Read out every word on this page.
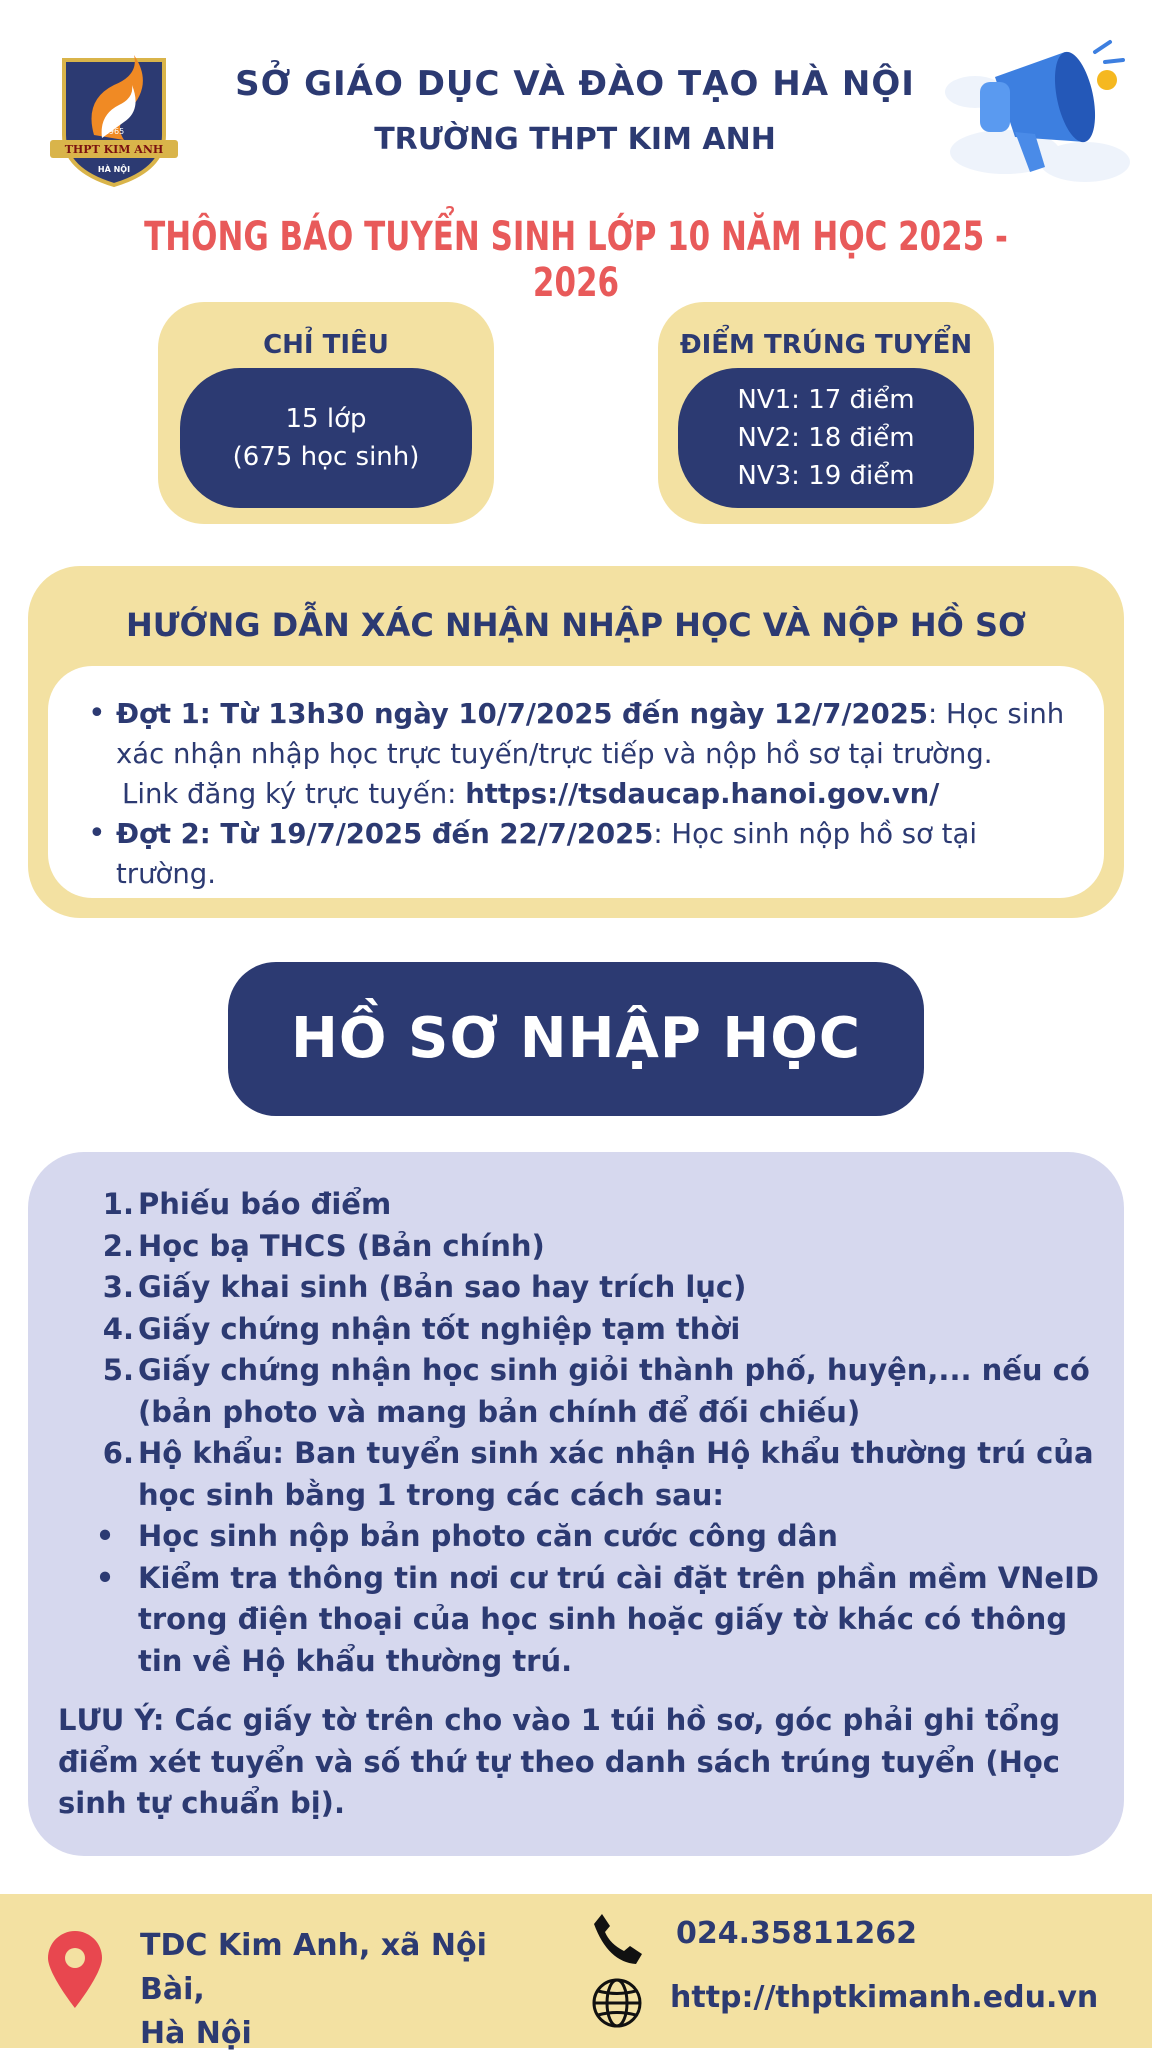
THPT KIM ANH
1965
HÀ NỘI
SỞ GIÁO DỤC VÀ ĐÀO TẠO HÀ NỘI
TRƯỜNG THPT KIM ANH
THÔNG BÁO TUYỂN SINH LỚP 10 NĂM HỌC 2025 - 2026
CHỈ TIÊU
15 lớp
(675 học sinh)
ĐIỂM TRÚNG TUYỂN
NV1: 17 điểm
NV2: 18 điểm
NV3: 19 điểm
HƯỚNG DẪN XÁC NHẬN NHẬP HỌC VÀ NỘP HỒ SƠ
• Đợt 1: Từ 13h30 ngày 10/7/2025 đến ngày 12/7/2025: Học sinh xác nhận nhập học trực tuyến/trực tiếp và nộp hồ sơ tại trường.
Link đăng ký trực tuyến: https://tsdaucap.hanoi.gov.vn/
• Đợt 2: Từ 19/7/2025 đến 22/7/2025: Học sinh nộp hồ sơ tại trường.
HỒ SƠ NHẬP HỌC
1. Phiếu báo điểm
2. Học bạ THCS (Bản chính)
3. Giấy khai sinh (Bản sao hay trích lục)
4. Giấy chứng nhận tốt nghiệp tạm thời
5. Giấy chứng nhận học sinh giỏi thành phố, huyện,... nếu có (bản photo và mang bản chính để đối chiếu)
6. Hộ khẩu: Ban tuyển sinh xác nhận Hộ khẩu thường trú của học sinh bằng 1 trong các cách sau:
• Học sinh nộp bản photo căn cước công dân
• Kiểm tra thông tin nơi cư trú cài đặt trên phần mềm VNeID trong điện thoại của học sinh hoặc giấy tờ khác có thông tin về Hộ khẩu thường trú.
LƯU Ý: Các giấy tờ trên cho vào 1 túi hồ sơ, góc phải ghi tổng điểm xét tuyển và số thứ tự theo danh sách trúng tuyển (Học sinh tự chuẩn bị).
TDC Kim Anh, xã Nội Bài,
Hà Nội
024.35811262
http://thptkimanh.edu.vn
